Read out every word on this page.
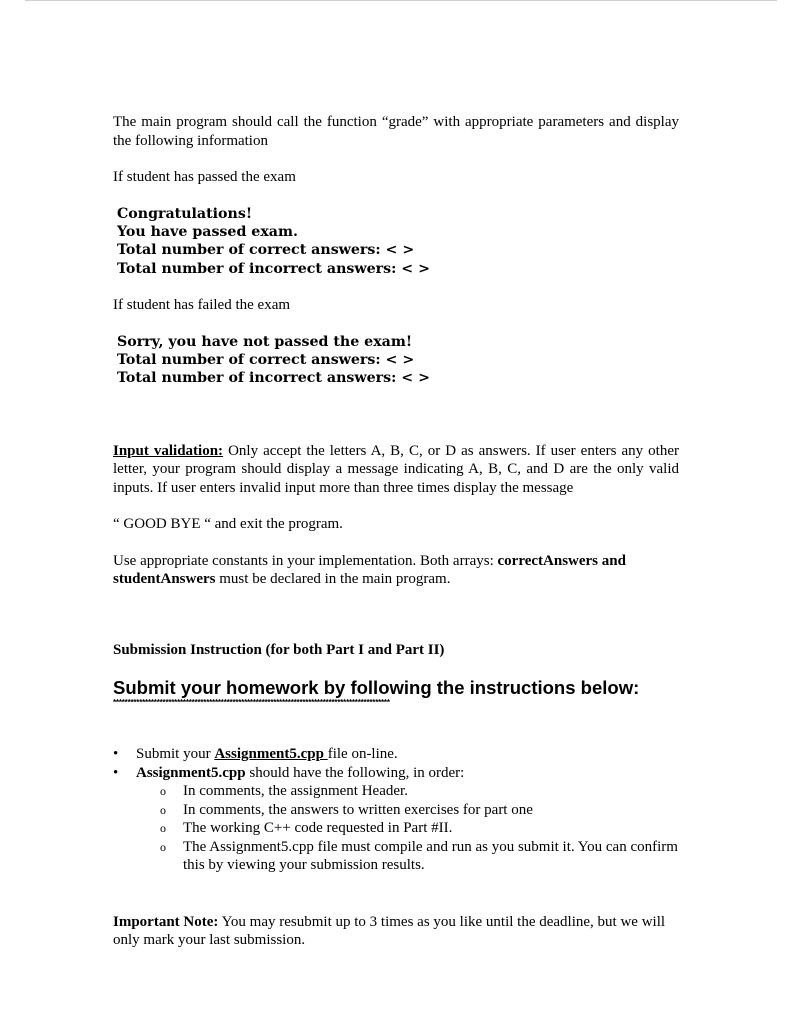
The main program should call the function “grade” with appropriate parameters and display the following information

If student has passed the exam

Congratulations!
You have passed exam.
Total number of correct answers: < >
Total number of incorrect answers: < >

If student has failed the exam

Sorry, you have not passed the exam!
Total number of correct answers: < >
Total number of incorrect answers: < >

Input validation: Only accept the letters A, B, C, or D as answers. If user enters any other letter, your program should display a message indicating A, B, C, and D are the only valid inputs. If user enters invalid input more than three times display the message

“ GOOD BYE “ and exit the program.

Use appropriate constants in your implementation. Both arrays: correctAnswers and studentAnswers must be declared in the main program.

Submission Instruction (for both Part I and Part II)

Submit your homework by following the instructions below:
***********************************************************************************************
• Submit your Assignment5.cpp file on-line.
• Assignment5.cpp should have the following, in order:
o In comments, the assignment Header.
o In comments, the answers to written exercises for part one
o The working C++ code requested in Part #II.
o The Assignment5.cpp file must compile and run as you submit it. You can confirm this by viewing your submission results.

Important Note: You may resubmit up to 3 times as you like until the deadline, but we will only mark your last submission.
